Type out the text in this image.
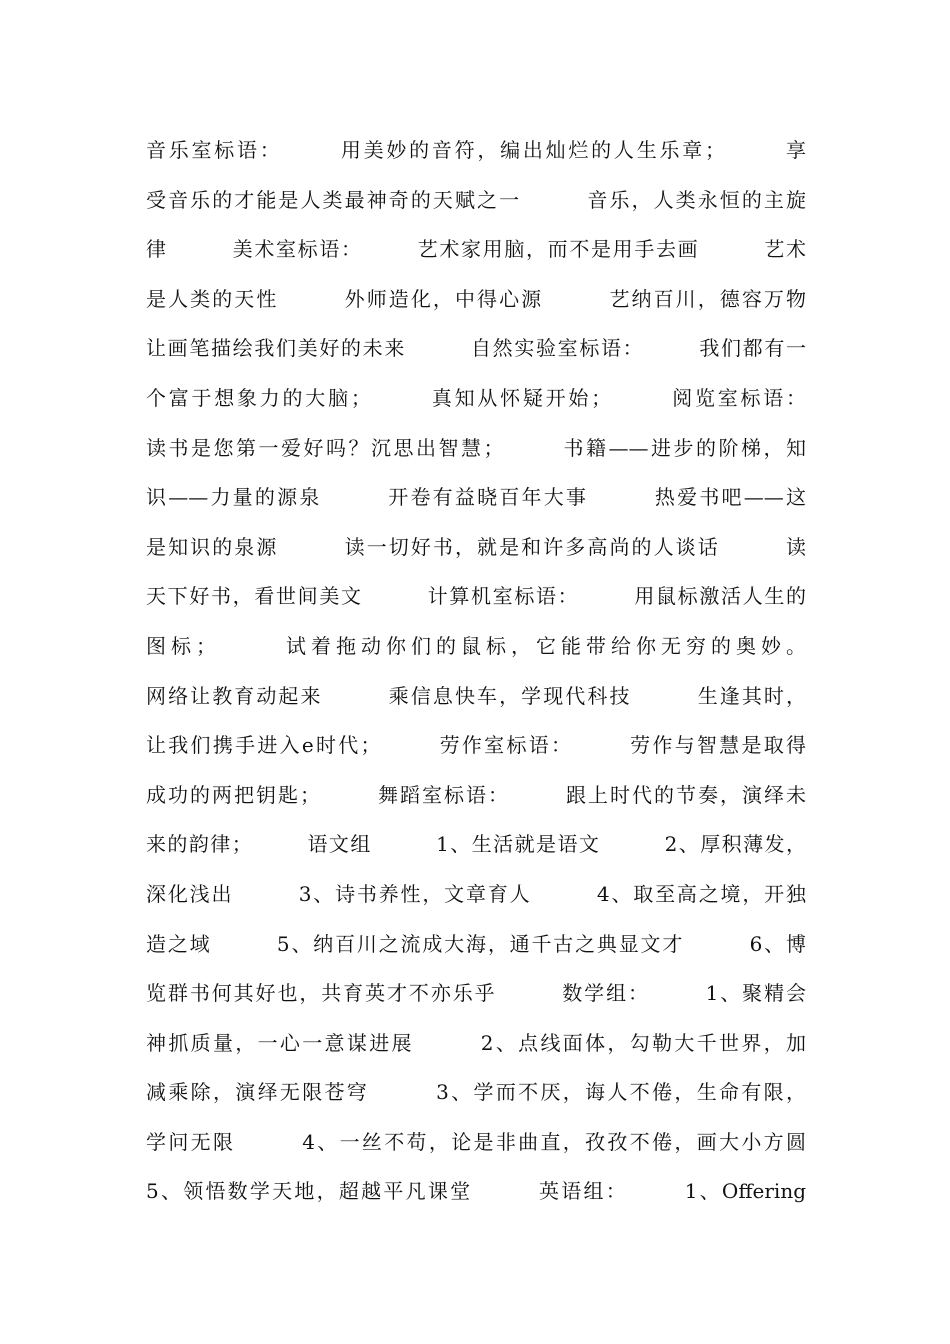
音乐室标语：　　　用美妙的音符，编出灿烂的人生乐章；　　　享
受音乐的才能是人类最神奇的天赋之一　　　音乐，人类永恒的主旋
律　　　美术室标语：　　　艺术家用脑，而不是用手去画　　　艺术
是人类的天性　　　外师造化，中得心源　　　艺纳百川，德容万物
让画笔描绘我们美好的未来　　　自然实验室标语：　　　我们都有一
个富于想象力的大脑；　　　真知从怀疑开始；　　　阅览室标语：
读书是您第一爱好吗？沉思出智慧；　　　书籍——进步的阶梯，知
识——力量的源泉　　　开卷有益晓百年大事　　　热爱书吧——这
是知识的泉源　　　读一切好书，就是和许多高尚的人谈话　　　读
天下好书，看世间美文　　　计算机室标语：　　　用鼠标激活人生的
图标；　　　试着拖动你们的鼠标，它能带给你无穷的奥妙。
网络让教育动起来　　　乘信息快车，学现代科技　　　生逢其时，
让我们携手进入e时代；　　　劳作室标语：　　　劳作与智慧是取得
成功的两把钥匙；　　　舞蹈室标语：　　　跟上时代的节奏，演绎未
来的韵律；　　　语文组　　　1、生活就是语文　　　2、厚积薄发，
深化浅出　　　3、诗书养性，文章育人　　　4、取至高之境，开独
造之域　　　5、纳百川之流成大海，通千古之典显文才　　　6、博
览群书何其好也，共育英才不亦乐乎　　　数学组：　　　1、聚精会
神抓质量，一心一意谋进展　　　2、点线面体，勾勒大千世界，加
减乘除，演绎无限苍穹　　　3、学而不厌，诲人不倦，生命有限，
学问无限　　　4、一丝不苟，论是非曲直，孜孜不倦，画大小方圆
5、领悟数学天地，超越平凡课堂　　　英语组：　　　1、Offering
